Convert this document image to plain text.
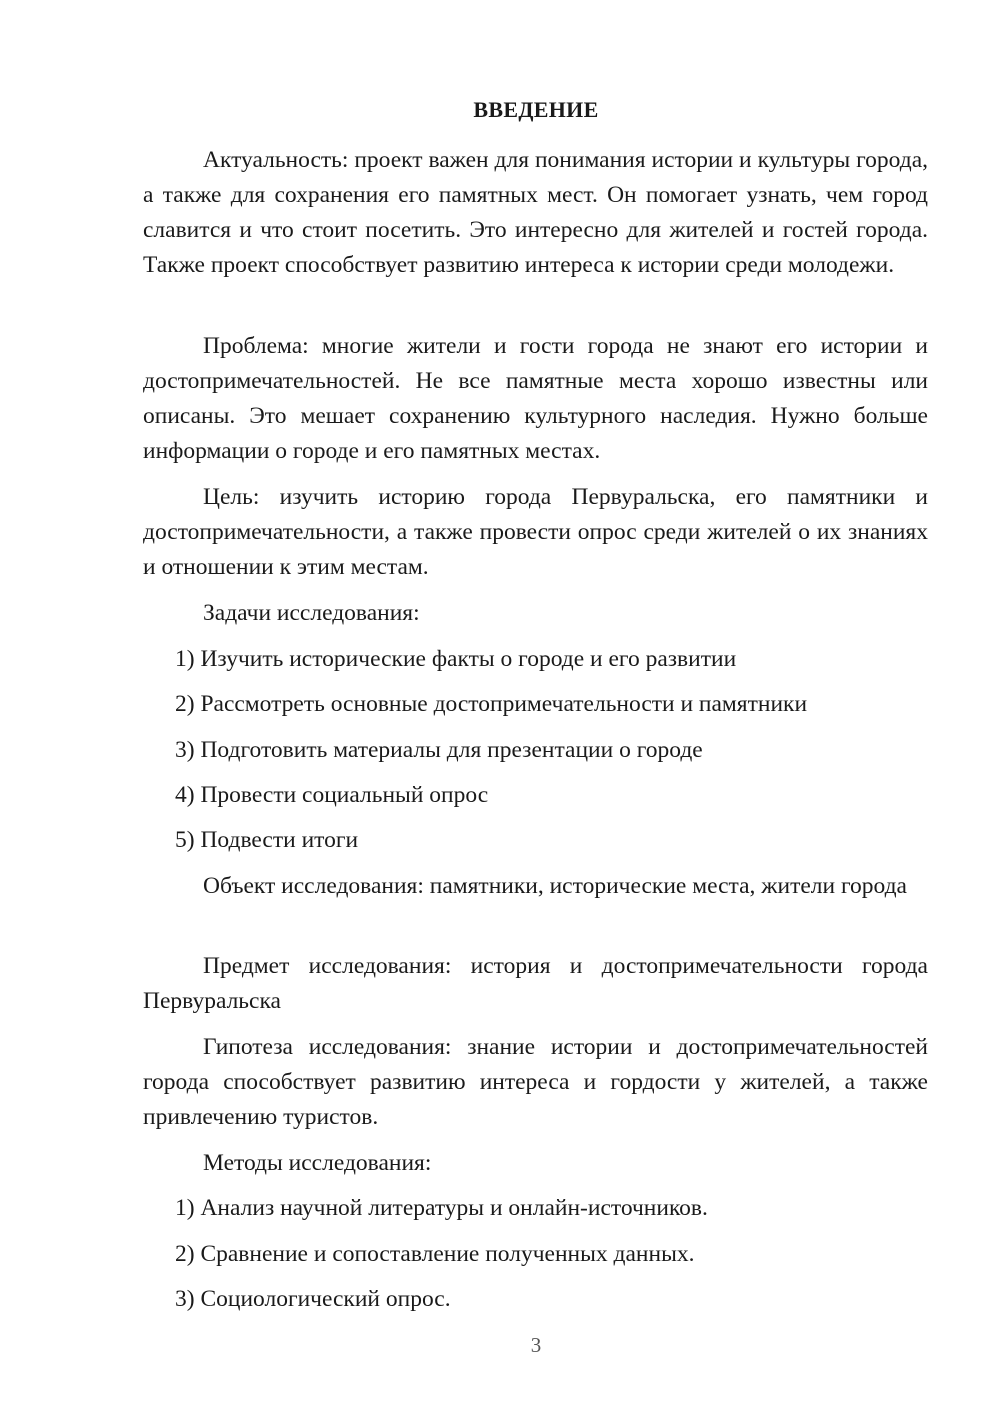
ВВЕДЕНИЕ

Актуальность: проект важен для понимания истории и культуры города, а также для сохранения его памятных мест. Он помогает узнать, чем город славится и что стоит посетить. Это интересно для жителей и гостей города. Также проект способствует развитию интереса к истории среди молодежи.

Проблема: многие жители и гости города не знают его истории и достопримечательностей. Не все памятные места хорошо известны или описаны. Это мешает сохранению культурного наследия. Нужно больше информации о городе и его памятных местах.

Цель: изучить историю города Первуральска, его памятники и достопримечательности, а также провести опрос среди жителей о их знаниях и отношении к этим местам.

Задачи исследования:

1) Изучить исторические факты о городе и его развитии

2) Рассмотреть основные достопримечательности и памятники

3) Подготовить материалы для презентации о городе

4) Провести социальный опрос

5) Подвести итоги

Объект исследования: памятники, исторические места, жители города

Предмет исследования: история и достопримечательности города Первуральска

Гипотеза исследования: знание истории и достопримечательностей города способствует развитию интереса и гордости у жителей, а также привлечению туристов.

Методы исследования:

1) Анализ научной литературы и онлайн-источников.

2) Сравнение и сопоставление полученных данных.

3) Социологический опрос.

3
